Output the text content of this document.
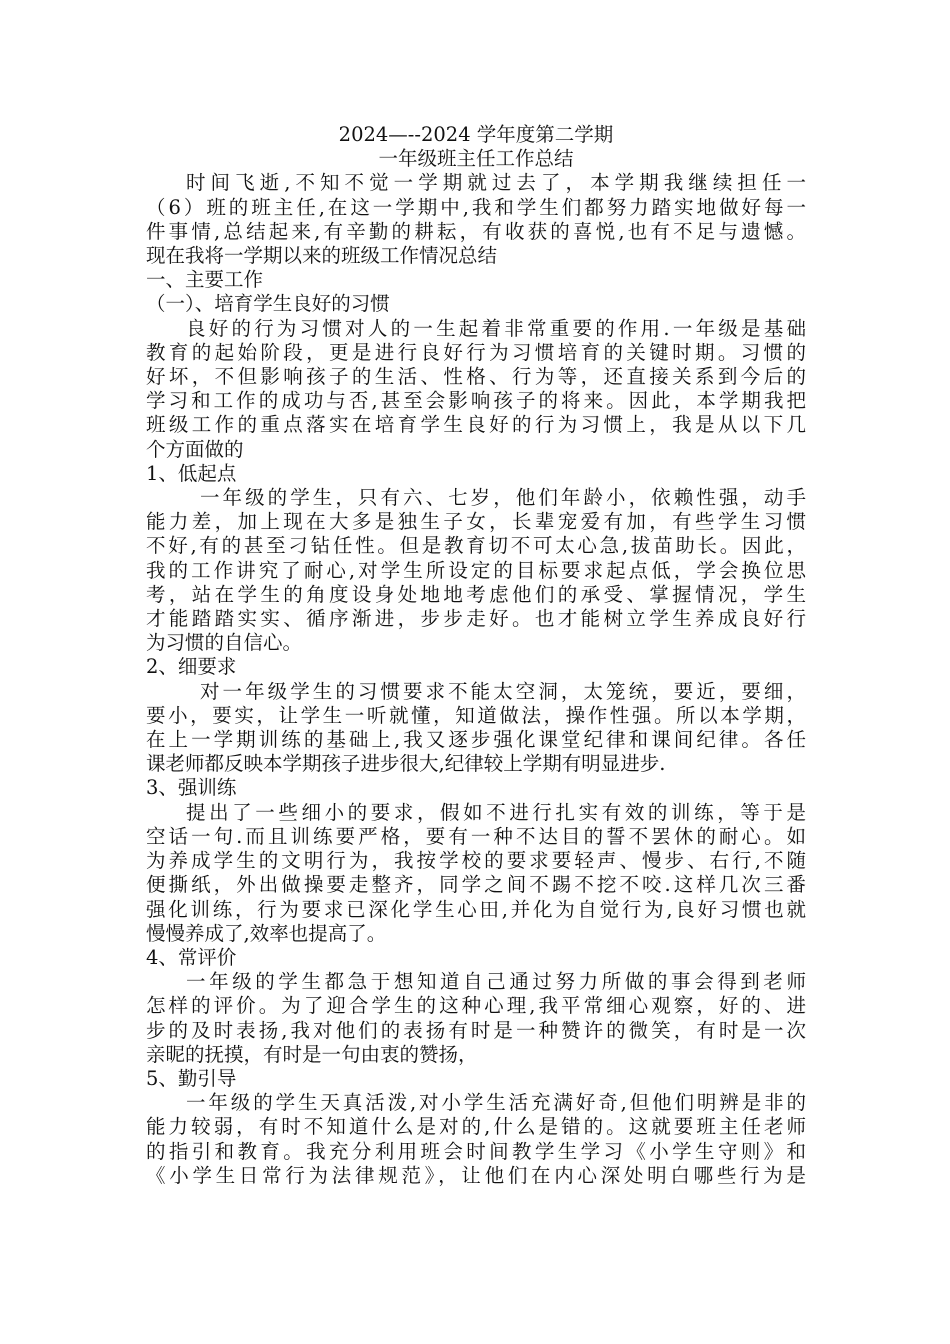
2024—--2024 学年度第二学期

一年级班主任工作总结

时间飞逝,不知不觉一学期就过去了，本学期我继续担任一

（6）班的班主任,在这一学期中,我和学生们都努力踏实地做好每一

件事情,总结起来,有辛勤的耕耘，有收获的喜悦,也有不足与遗憾。

现在我将一学期以来的班级工作情况总结

一、主要工作

（一）、培育学生良好的习惯

良好的行为习惯对人的一生起着非常重要的作用.一年级是基础

教育的起始阶段，更是进行良好行为习惯培育的关键时期。习惯的

好坏，不但影响孩子的生活、性格、行为等，还直接关系到今后的

学习和工作的成功与否,甚至会影响孩子的将来。因此，本学期我把

班级工作的重点落实在培育学生良好的行为习惯上，我是从以下几

个方面做的

1、低起点

一年级的学生，只有六、七岁，他们年龄小，依赖性强，动手

能力差，加上现在大多是独生子女，长辈宠爱有加，有些学生习惯

不好,有的甚至刁钻任性。但是教育切不可太心急,拔苗助长。因此，

我的工作讲究了耐心,对学生所设定的目标要求起点低，学会换位思

考，站在学生的角度设身处地地考虑他们的承受、掌握情况，学生

才能踏踏实实、循序渐进，步步走好。也才能树立学生养成良好行

为习惯的自信心。

2、细要求

对一年级学生的习惯要求不能太空洞，太笼统，要近，要细，

要小，要实，让学生一听就懂，知道做法，操作性强。所以本学期，

在上一学期训练的基础上,我又逐步强化课堂纪律和课间纪律。各任

课老师都反映本学期孩子进步很大,纪律较上学期有明显进步.

3、强训练

提出了一些细小的要求，假如不进行扎实有效的训练，等于是

空话一句.而且训练要严格，要有一种不达目的誓不罢休的耐心。如

为养成学生的文明行为，我按学校的要求要轻声、慢步、右行,不随

便撕纸，外出做操要走整齐，同学之间不踢不挖不咬.这样几次三番

强化训练，行为要求已深化学生心田,并化为自觉行为,良好习惯也就

慢慢养成了,效率也提高了。

4、常评价

一年级的学生都急于想知道自己通过努力所做的事会得到老师

怎样的评价。为了迎合学生的这种心理,我平常细心观察，好的、进

步的及时表扬,我对他们的表扬有时是一种赞许的微笑，有时是一次

亲昵的抚摸，有时是一句由衷的赞扬，

5、勤引导

一年级的学生天真活泼,对小学生活充满好奇,但他们明辨是非的

能力较弱，有时不知道什么是对的,什么是错的。这就要班主任老师

的指引和教育。我充分利用班会时间教学生学习《小学生守则》和

《小学生日常行为法律规范》，让他们在内心深处明白哪些行为是
